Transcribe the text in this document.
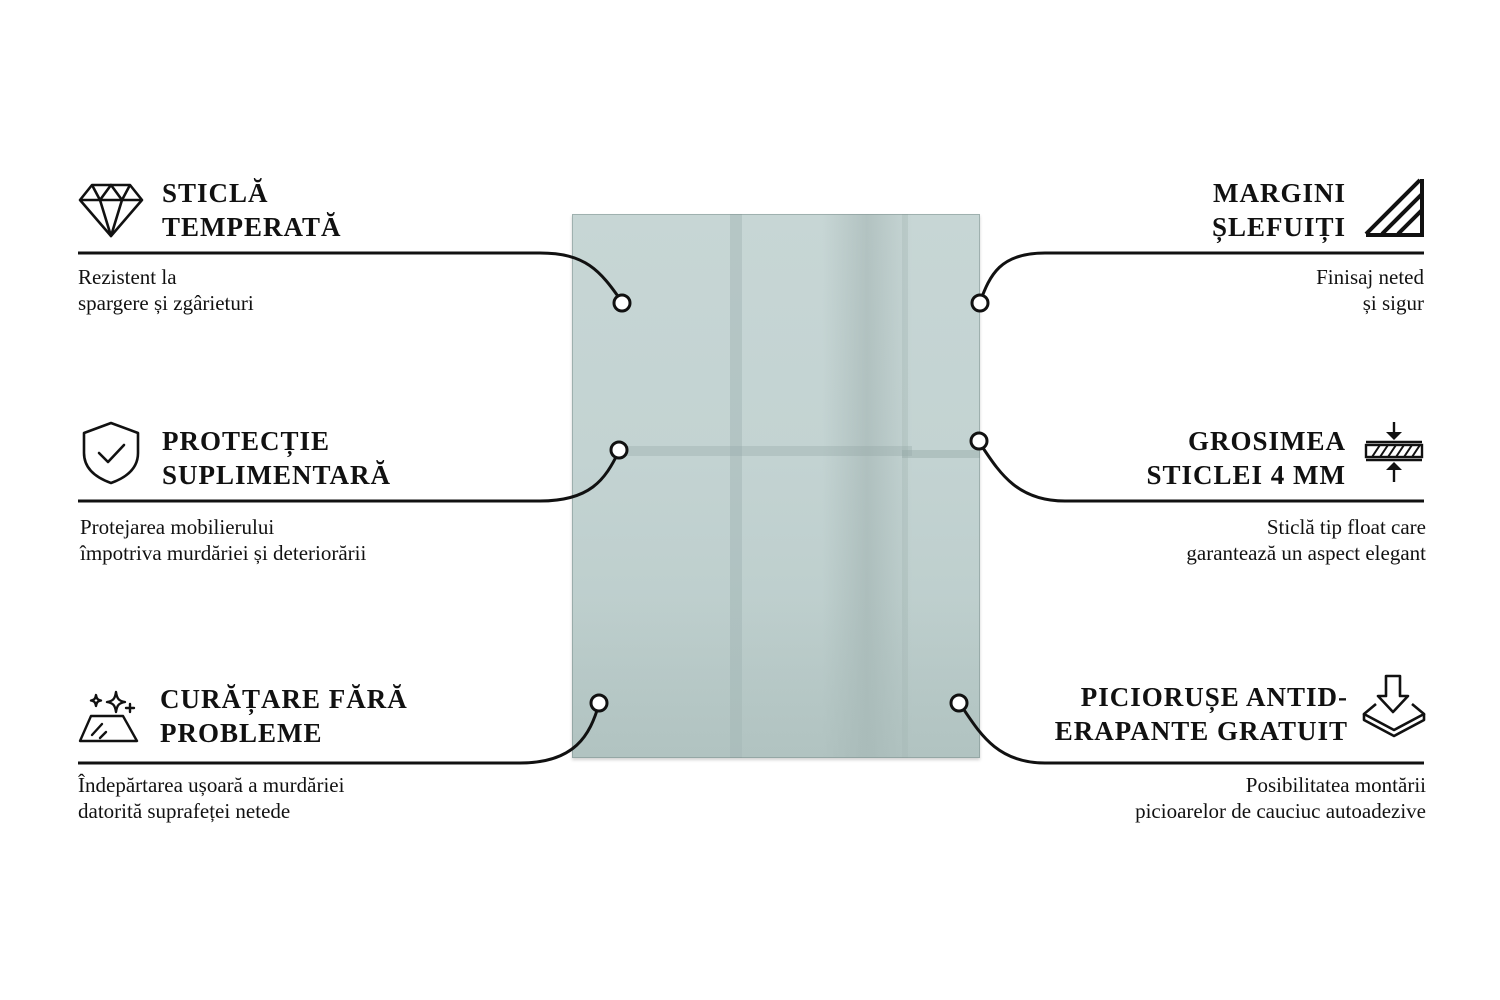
STICLĂ
TEMPERATĂ
Rezistent la
spargere și zgârieturi
PROTECȚIE
SUPLIMENTARĂ
Protejarea mobilierului
împotriva murdăriei și deteriorării
CURĂȚARE FĂRĂ
PROBLEME
Îndepărtarea ușoară a murdăriei
datorită suprafeței netede
MARGINI
ȘLEFUIȚI
Finisaj neted
și sigur
GROSIMEA
STICLEI 4 MM
Sticlă tip float care
garantează un aspect elegant
PICIORUȘE ANTID-
ERAPANTE GRATUIT
Posibilitatea montării
picioarelor de cauciuc autoadezive
